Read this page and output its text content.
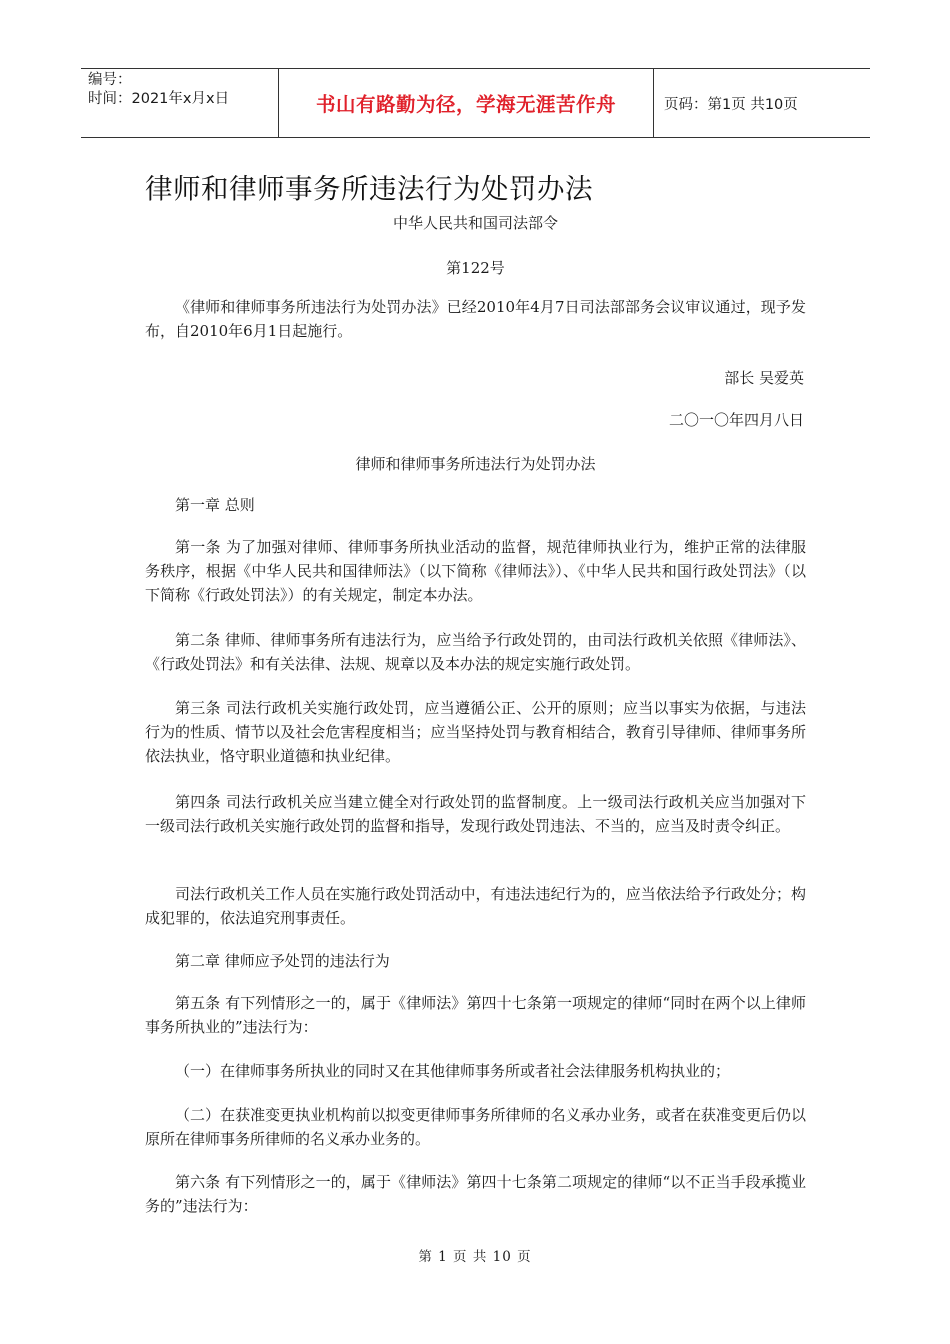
编号：
时间：2021年x月x日	书山有路勤为径，学海无涯苦作舟	页码：第1页 共10页
律师和律师事务所违法行为处罚办法
中华人民共和国司法部令
第122号

《律师和律师事务所违法行为处罚办法》已经2010年4月7日司法部部务会议审议通过，现予发布，自2010年6月1日起施行。

部长 吴爱英
二〇一〇年四月八日
律师和律师事务所违法行为处罚办法

第一章 总则

第一条 为了加强对律师、律师事务所执业活动的监督，规范律师执业行为，维护正常的法律服务秩序，根据《中华人民共和国律师法》（以下简称《律师法》）、《中华人民共和国行政处罚法》（以下简称《行政处罚法》）的有关规定，制定本办法。

第二条 律师、律师事务所有违法行为，应当给予行政处罚的，由司法行政机关依照《律师法》、《行政处罚法》和有关法律、法规、规章以及本办法的规定实施行政处罚。

第三条 司法行政机关实施行政处罚，应当遵循公正、公开的原则；应当以事实为依据，与违法行为的性质、情节以及社会危害程度相当；应当坚持处罚与教育相结合，教育引导律师、律师事务所依法执业，恪守职业道德和执业纪律。

第四条 司法行政机关应当建立健全对行政处罚的监督制度。上一级司法行政机关应当加强对下一级司法行政机关实施行政处罚的监督和指导，发现行政处罚违法、不当的，应当及时责令纠正。

司法行政机关工作人员在实施行政处罚活动中，有违法违纪行为的，应当依法给予行政处分；构成犯罪的，依法追究刑事责任。

第二章 律师应予处罚的违法行为

第五条 有下列情形之一的，属于《律师法》第四十七条第一项规定的律师“同时在两个以上律师事务所执业的”违法行为：

（一）在律师事务所执业的同时又在其他律师事务所或者社会法律服务机构执业的；

（二）在获准变更执业机构前以拟变更律师事务所律师的名义承办业务，或者在获准变更后仍以原所在律师事务所律师的名义承办业务的。

第六条 有下列情形之一的，属于《律师法》第四十七条第二项规定的律师“以不正当手段承揽业务的”违法行为：

第 1 页 共 10 页
